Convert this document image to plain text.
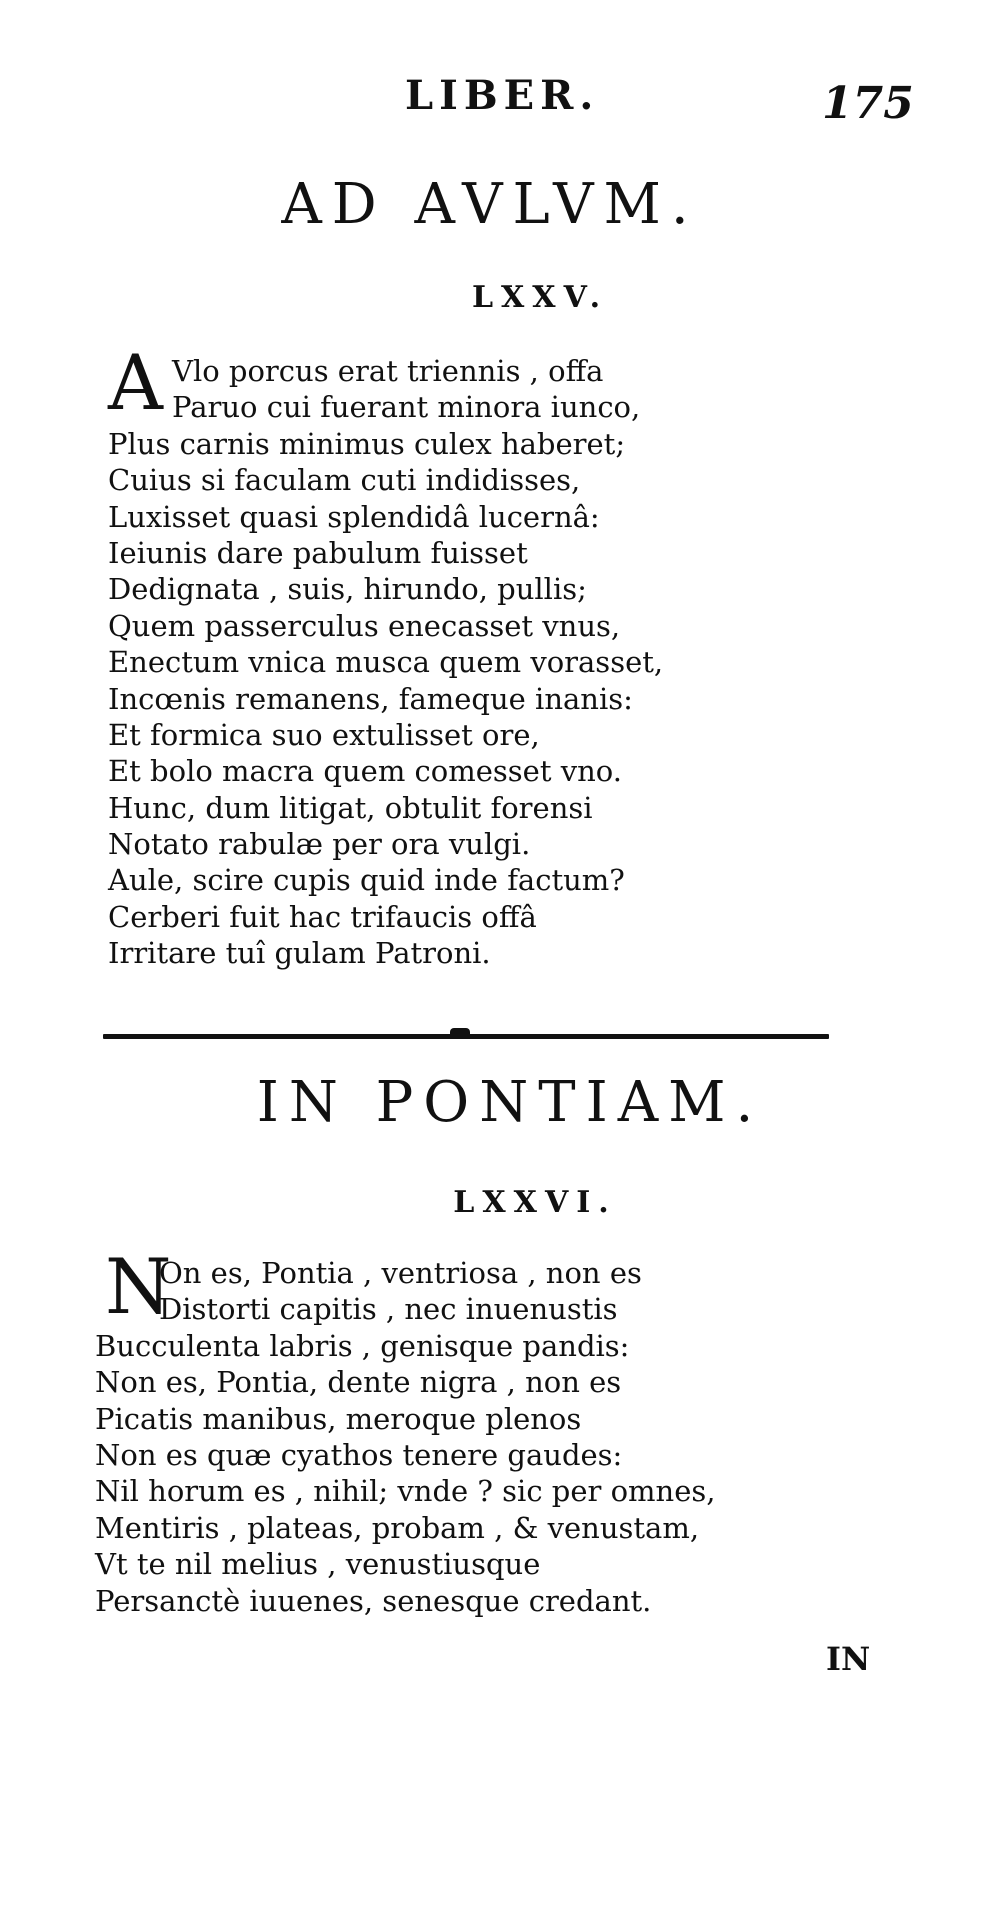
LIBER.	175
AD AVLVM.
LXXV.
A Vlo porcus erat triennis , offa
Paruo cui fuerant minora iunco,
Plus carnis minimus culex haberet;
Cuius si faculam cuti indidisses,
Luxisset quasi splendidâ lucernâ:
Ieiunis dare pabulum fuisset
Dedignata , suis, hirundo, pullis;
Quem passerculus enecasset vnus,
Enectum vnica musca quem vorasset,
Incœnis remanens, fameque inanis:
Et formica suo extulisset ore,
Et bolo macra quem comesset vno.
Hunc, dum litigat, obtulit forensi
Notato rabulæ per ora vulgi.
Aule, scire cupis quid inde factum?
Cerberi fuit hac trifaucis offâ
Irritare tuî gulam Patroni.
IN PONTIAM.
LXXVI.
N
On es, Pontia , ventriosa , non es
Distorti capitis , nec inuenustis
Bucculenta labris , genisque pandis:
Non es, Pontia, dente nigra , non es
Picatis manibus, meroque plenos
Non es quæ cyathos tenere gaudes:
Nil horum es , nihil; vnde ? sic per omnes,
Mentiris , plateas, probam , & venustam,
Vt te nil melius , venustiusque
Persanctè iuuenes, senesque credant.
IN
